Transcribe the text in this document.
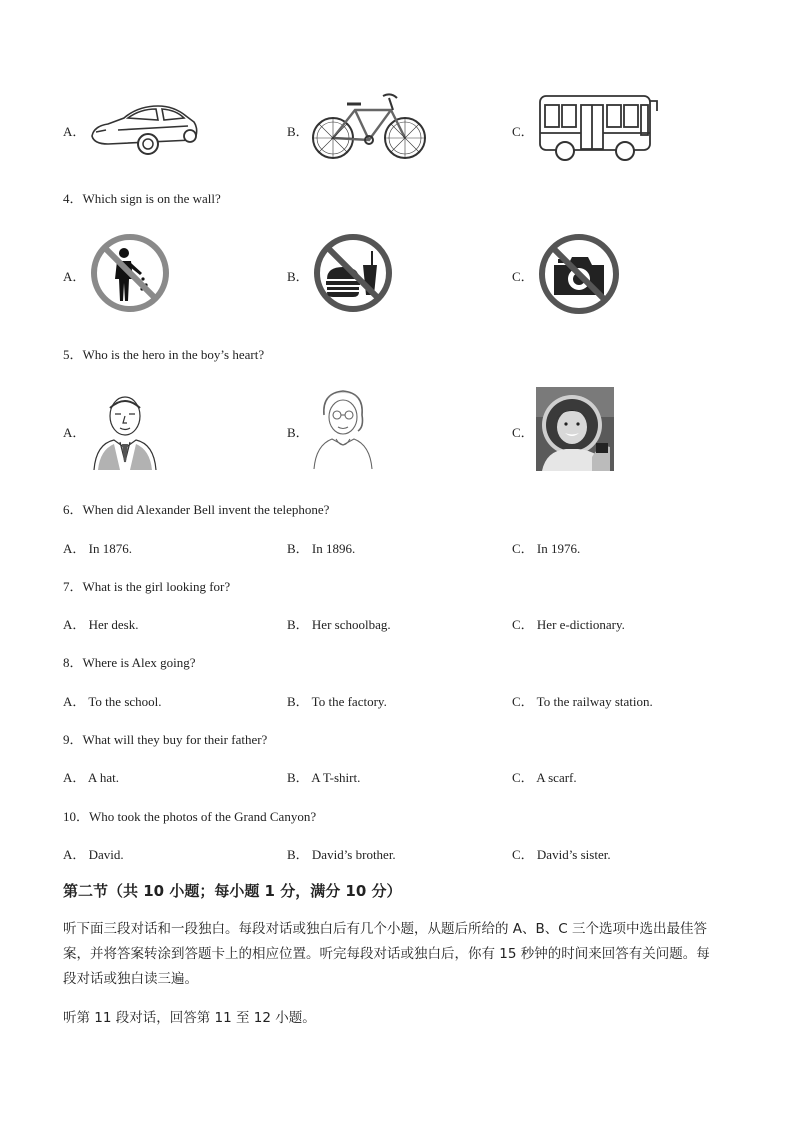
A．	B．	C．
4．Which sign is on the wall?
A．	B．	C．
5．Who is the hero in the boy’s heart?
A．	B．	C．
6．When did Alexander Bell invent the telephone?
A． In 1876.	B． In 1896.	C． In 1976.
7．What is the girl looking for?
A． Her desk.	B． Her schoolbag.	C． Her e-dictionary.
8．Where is Alex going?
A． To the school.	B． To the factory.	C． To the railway station.
9．What will they buy for their father?
A． A hat.	B． A T-shirt.	C． A scarf.
10．Who took the photos of the Grand Canyon?
A． David.	B． David’s brother.	C． David’s sister.
第二节（共 10 小题；每小题 1 分，满分 10 分）
听下面三段对话和一段独白。每段对话或独白后有几个小题，从题后所给的 A、B、C 三个选项中选出最佳答
案，并将答案转涂到答题卡上的相应位置。听完每段对话或独白后，你有 15 秒钟的时间来回答有关问题。每
段对话或独白读三遍。
听第 11 段对话，回答第 11 至 12 小题。
